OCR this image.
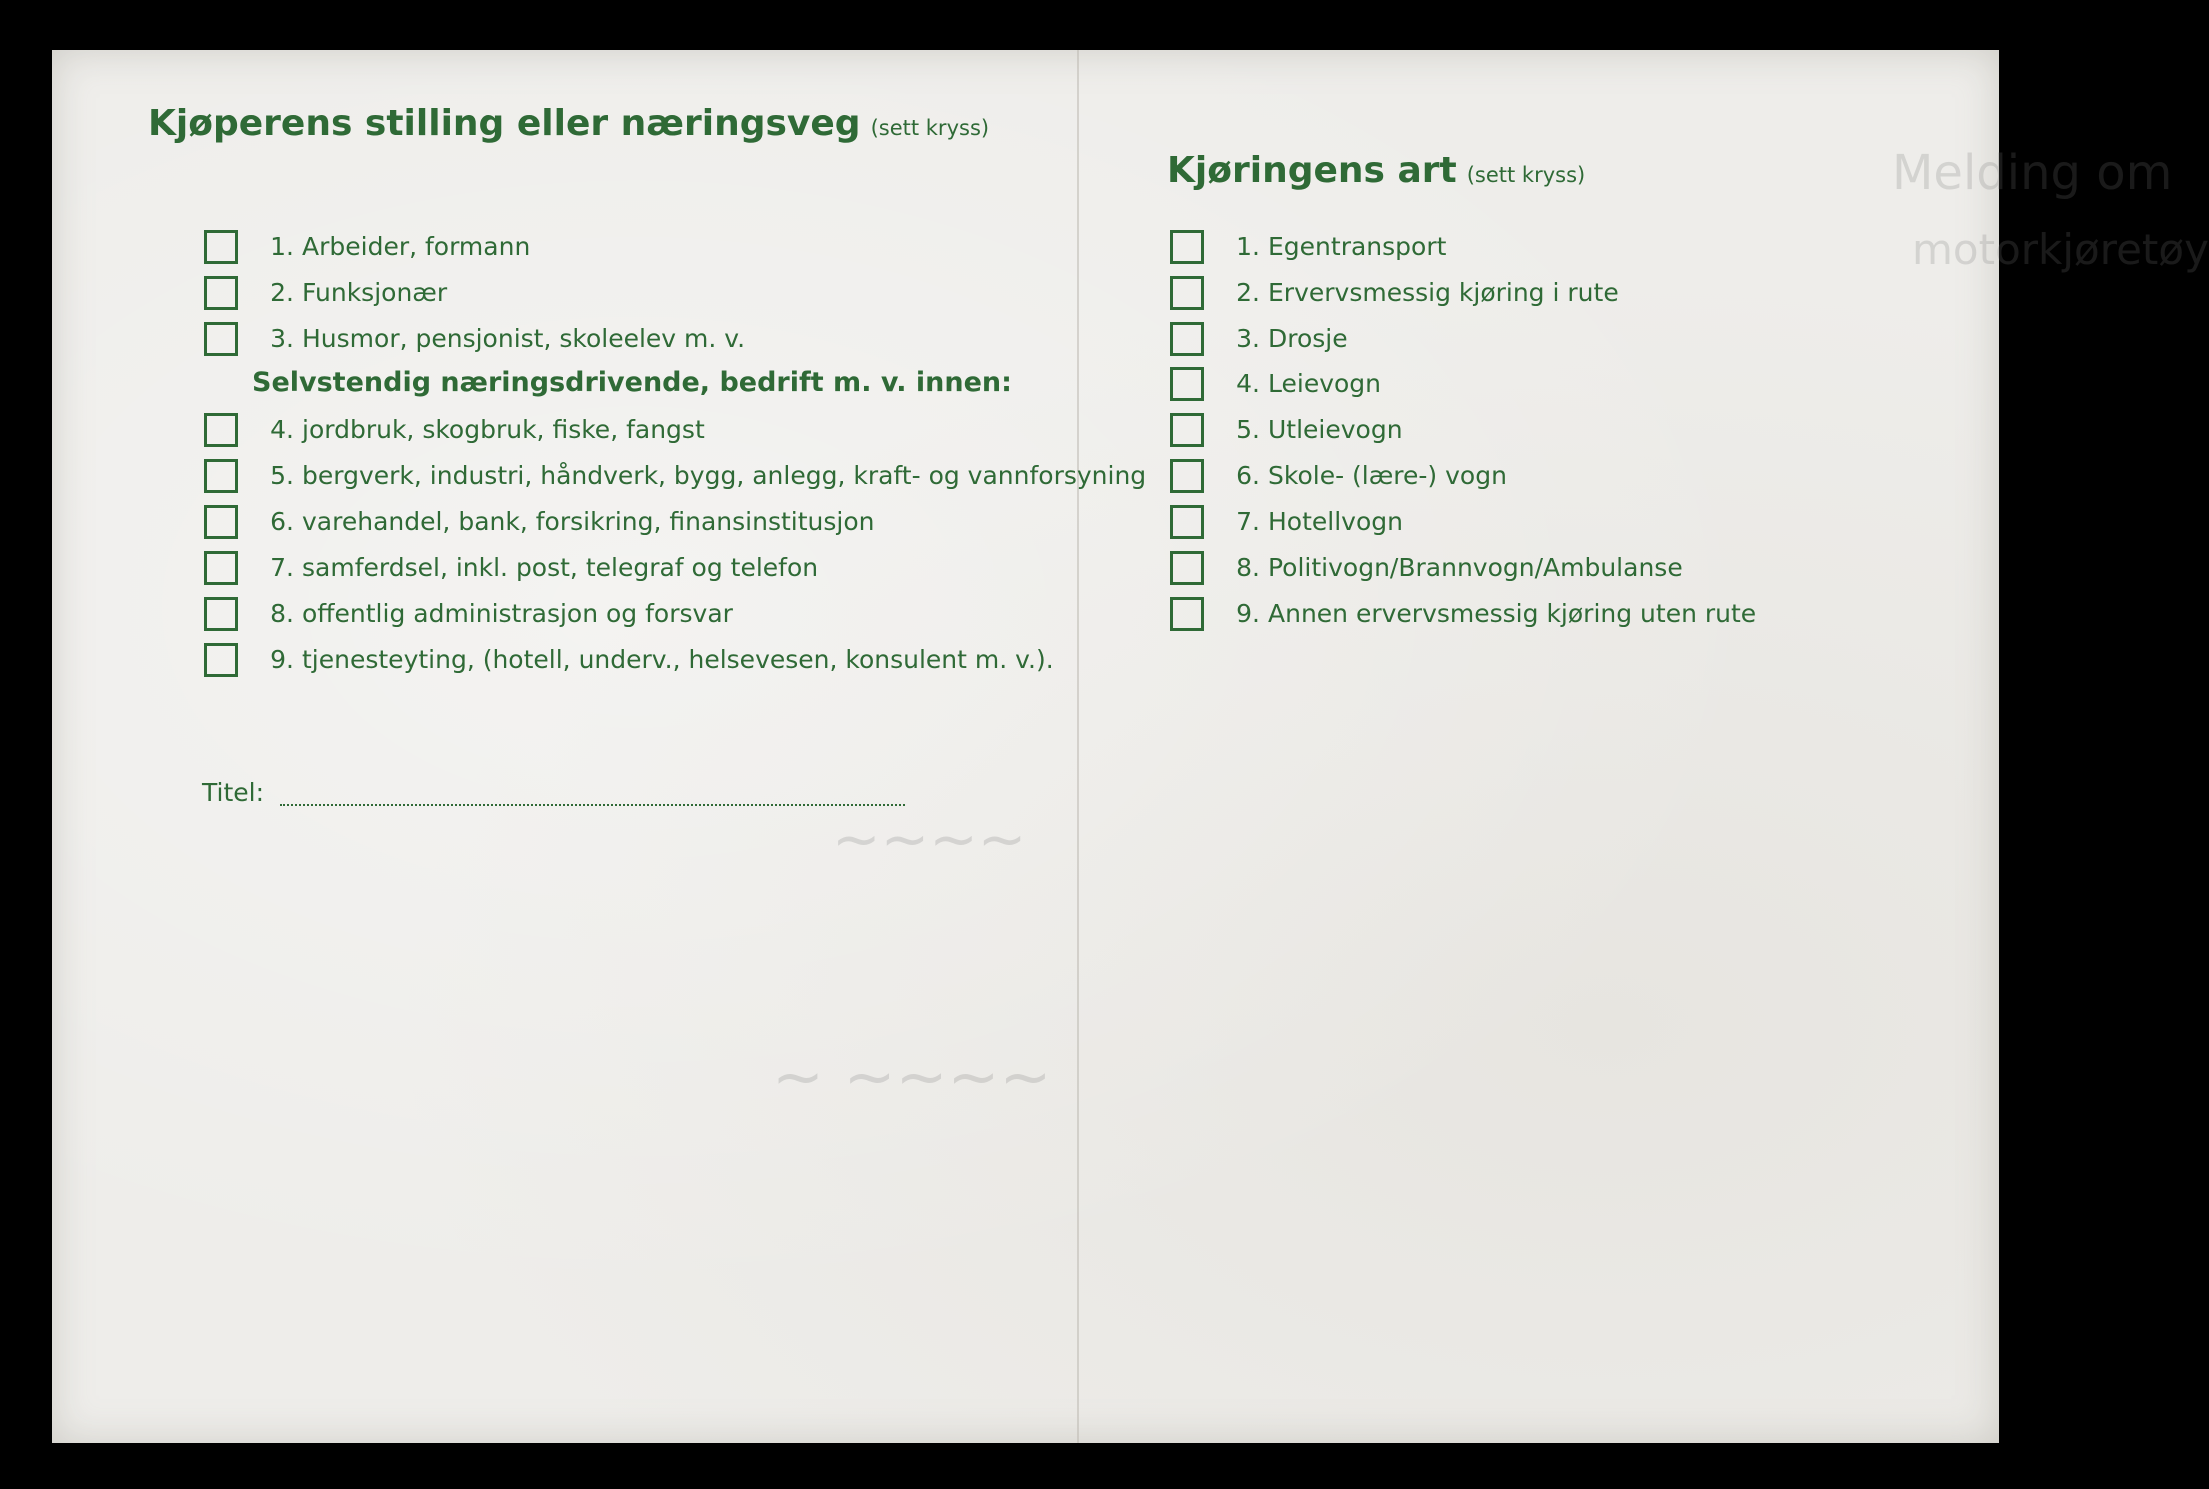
Melding om
motorkjøretøy
~ ~~~~
~~~~
Kjøperens stilling eller næringsveg (sett kryss)
1. Arbeider, formann
2. Funksjonær
3. Husmor, pensjonist, skoleelev m. v.
Selvstendig næringsdrivende, bedrift m. v. innen:
4. jordbruk, skogbruk, fiske, fangst
5. bergverk, industri, håndverk, bygg, anlegg, kraft- og vannforsyning
6. varehandel, bank, forsikring, finansinstitusjon
7. samferdsel, inkl. post, telegraf og telefon
8. offentlig administrasjon og forsvar
9. tjenesteyting, (hotell, underv., helsevesen, konsulent m. v.).
Titel:
Kjøringens art (sett kryss)
1. Egentransport
2. Ervervsmessig kjøring i rute
3. Drosje
4. Leievogn
5. Utleievogn
6. Skole- (lære-) vogn
7. Hotellvogn
8. Politivogn/Brannvogn/Ambulanse
9. Annen ervervsmessig kjøring uten rute
